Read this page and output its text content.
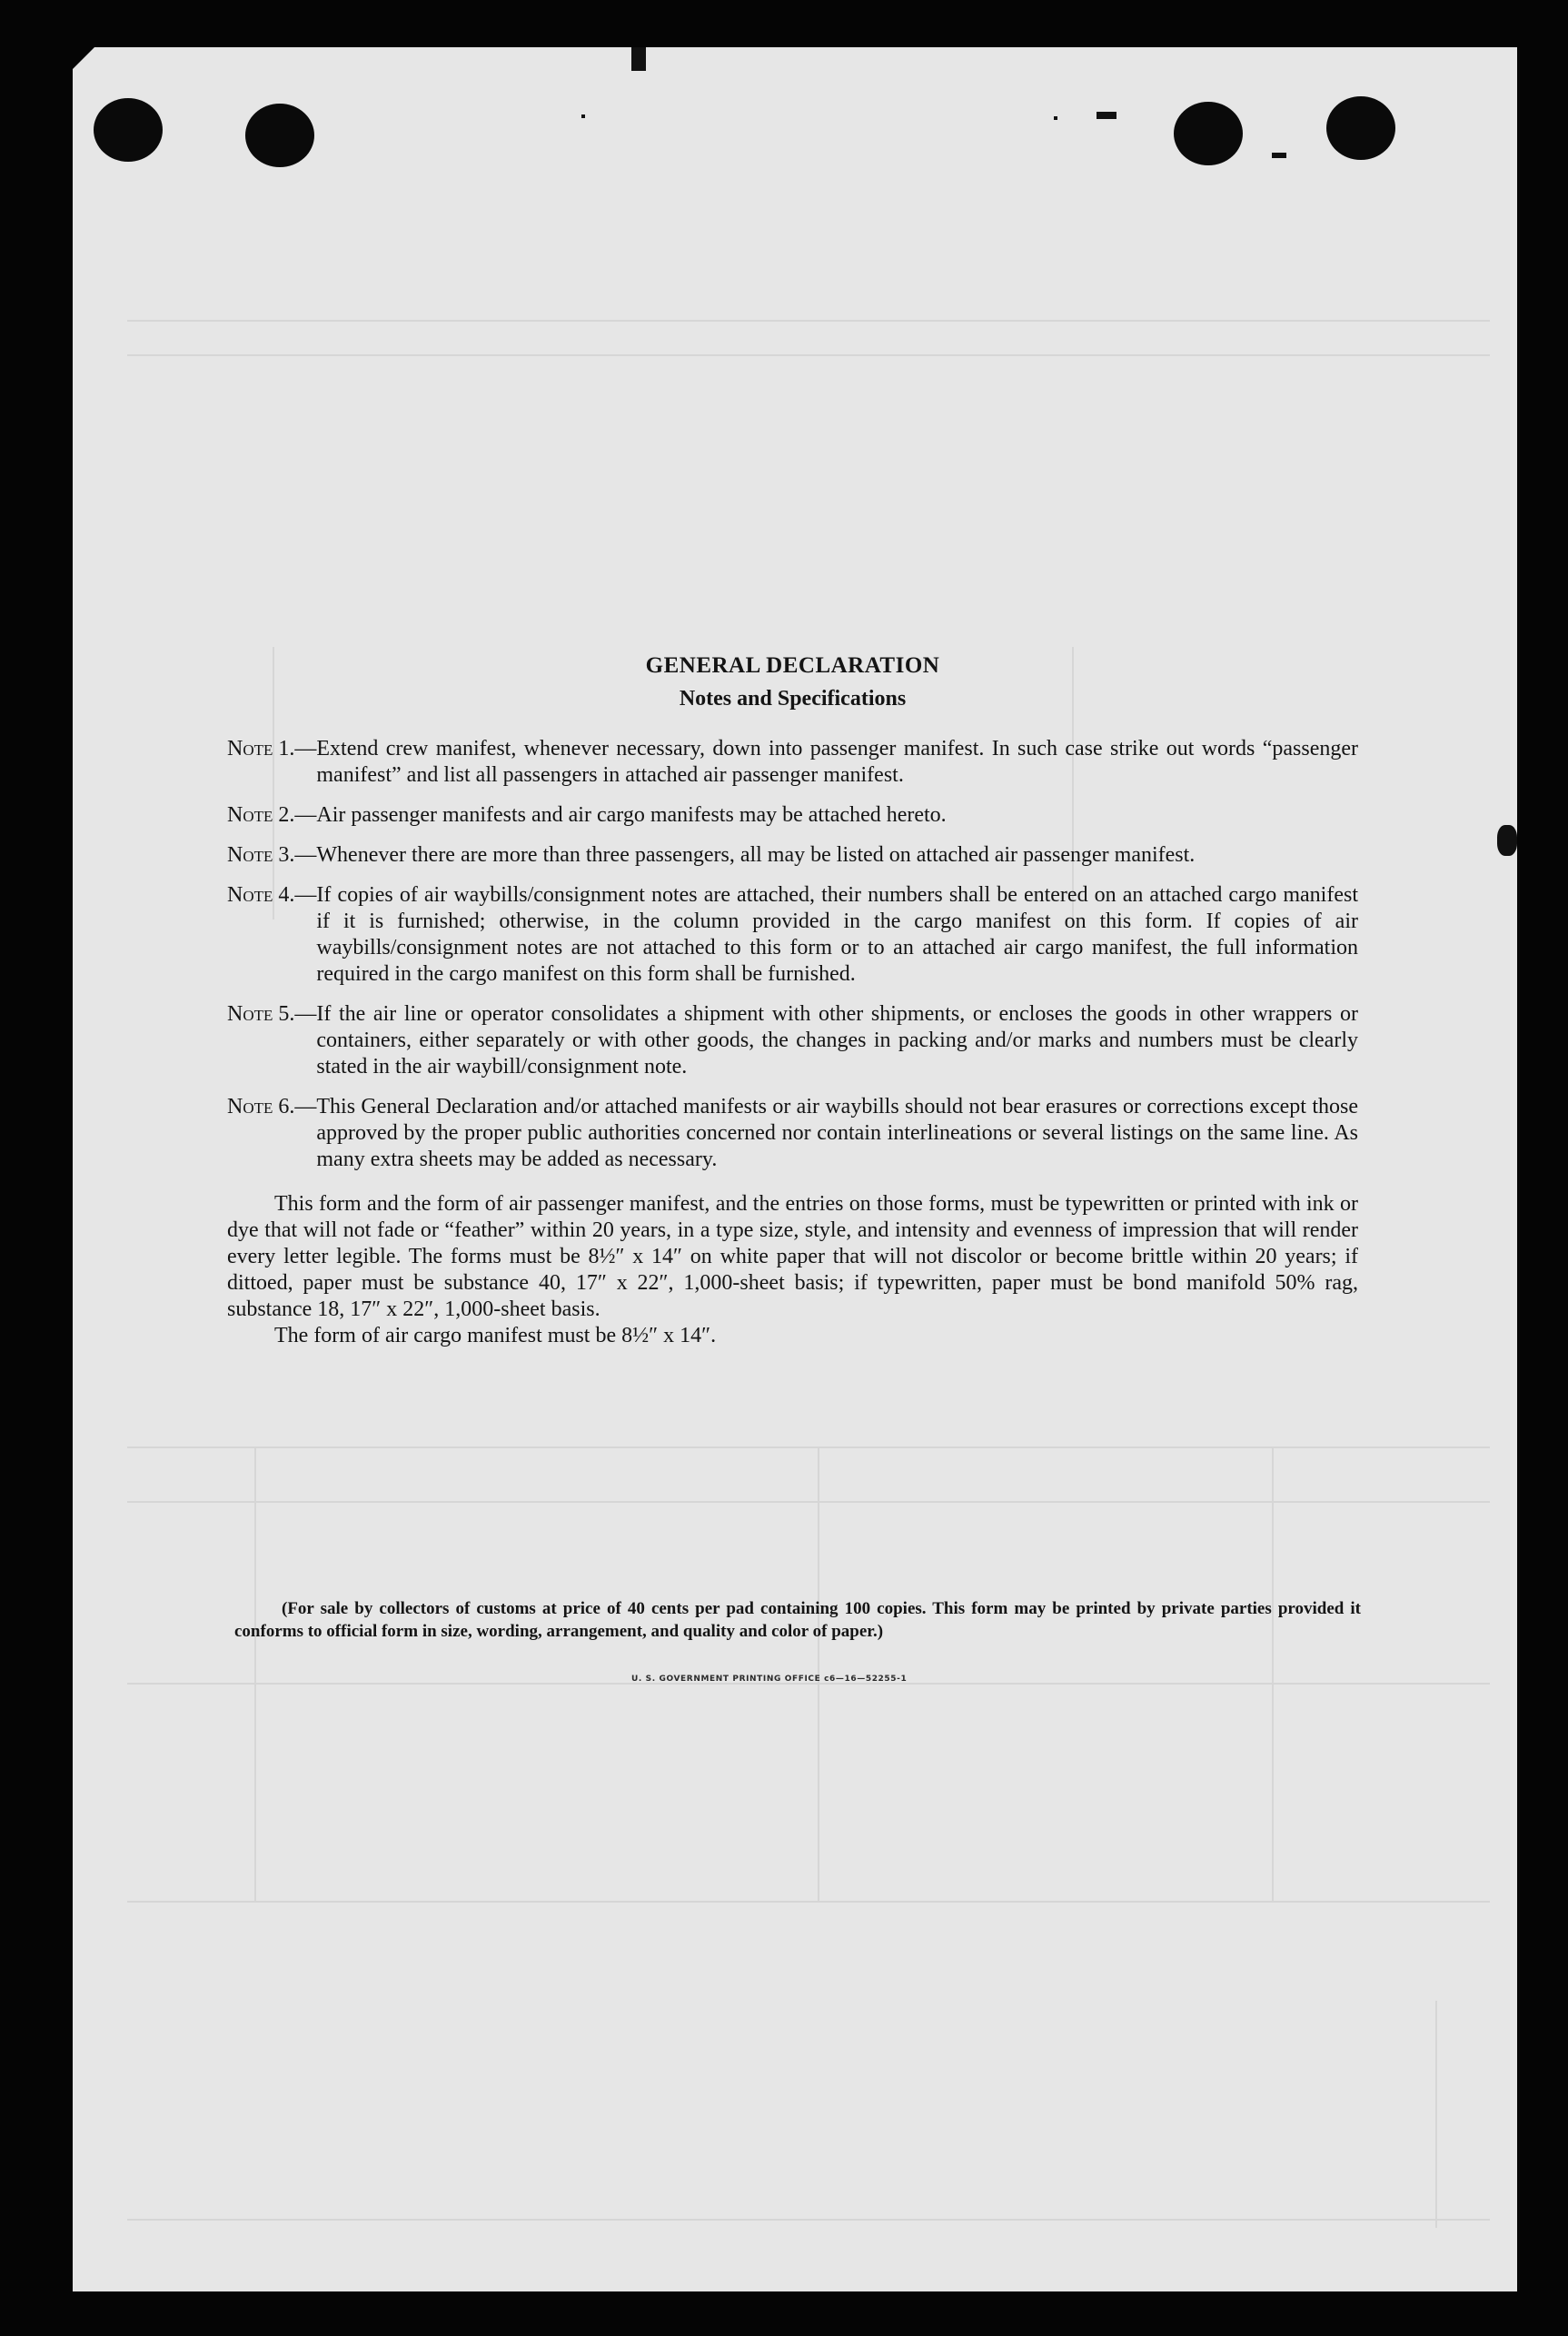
GENERAL DECLARATION
Notes and Specifications
Note 1.— Extend crew manifest, whenever necessary, down into passenger manifest. In such case strike out words “passenger manifest” and list all passengers in attached air passenger manifest.
Note 2.— Air passenger manifests and air cargo manifests may be attached hereto.
Note 3.— Whenever there are more than three passengers, all may be listed on attached air passenger manifest.
Note 4.— If copies of air waybills/consignment notes are attached, their numbers shall be entered on an attached cargo manifest if it is furnished; otherwise, in the column provided in the cargo manifest on this form. If copies of air waybills/consignment notes are not attached to this form or to an attached air cargo manifest, the full information required in the cargo manifest on this form shall be furnished.
Note 5.— If the air line or operator consolidates a shipment with other shipments, or encloses the goods in other wrappers or containers, either separately or with other goods, the changes in packing and/or marks and numbers must be clearly stated in the air waybill/consignment note.
Note 6.— This General Declaration and/or attached manifests or air waybills should not bear erasures or corrections except those approved by the proper public authorities concerned nor contain interlineations or several listings on the same line. As many extra sheets may be added as necessary.

This form and the form of air passenger manifest, and the entries on those forms, must be typewritten or printed with ink or dye that will not fade or “feather” within 20 years, in a type size, style, and intensity and evenness of impression that will render every letter legible. The forms must be 8½″ x 14″ on white paper that will not discolor or become brittle within 20 years; if dittoed, paper must be substance 40, 17″ x 22″, 1,000-sheet basis; if typewritten, paper must be bond manifold 50% rag, substance 18, 17″ x 22″, 1,000-sheet basis.

The form of air cargo manifest must be 8½″ x 14″.

(For sale by collectors of customs at price of 40 cents per pad containing 100 copies. This form may be printed by private parties provided it conforms to official form in size, wording, arrangement, and quality and color of paper.)
U. S. GOVERNMENT PRINTING OFFICE c6—16—52255-1
